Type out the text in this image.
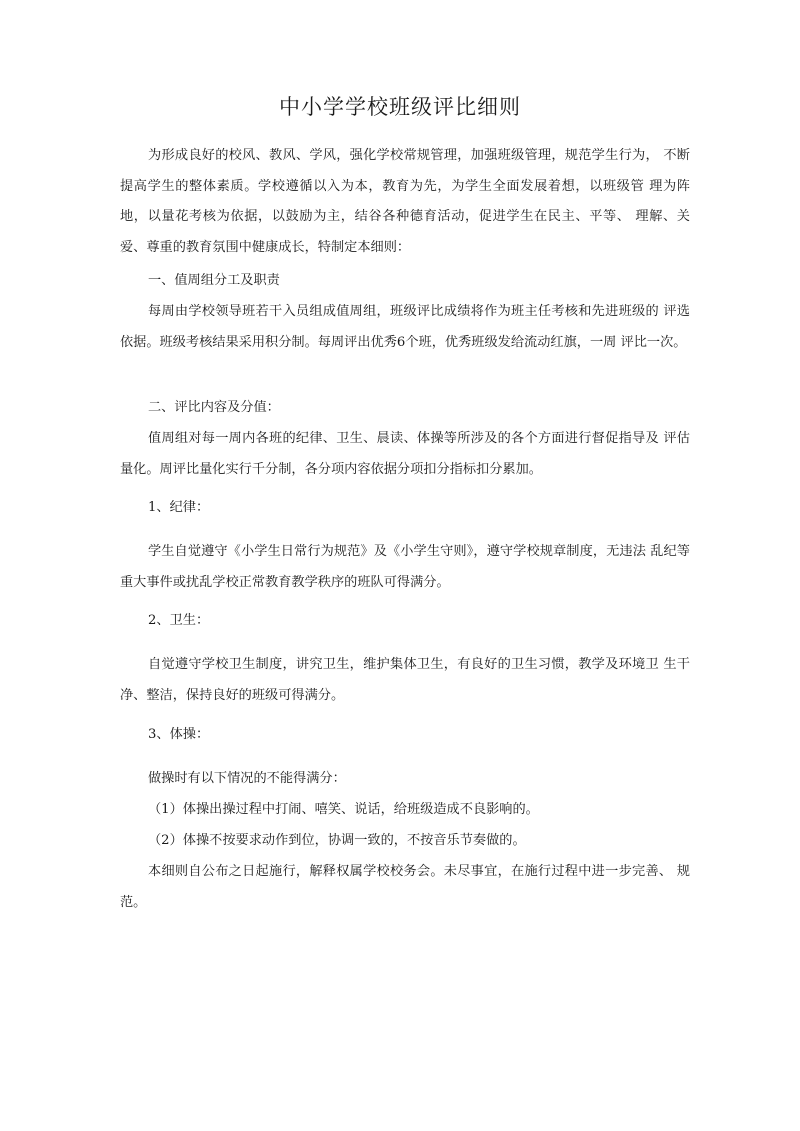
中小学学校班级评比细则

为形成良好的校风、教风、学风，强化学校常规管理，加强班级管理，规范学生行为， 不断提高学生的整体素质。学校遵循以入为本，教育为先，为学生全面发展着想，以班级管 理为阵地，以量花考核为依据，以鼓励为主，结谷各种德育活动，促进学生在民主、平等、 理解、关爱、尊重的教育氛围中健康成长，特制定本细则：

一、值周组分工及职责

每周由学校领导班若干入员组成值周组，班级评比成绩将作为班主任考核和先进班级的 评选依据。班级考核结果采用积分制。每周评出优秀6个班，优秀班级发给流动红旗，一周 评比一次。

二、评比内容及分值：

值周组对每一周内各班的纪律、卫生、晨读、体操等所涉及的各个方面进行督促指导及 评估量化。周评比量化实行千分制，各分项内容依据分项扣分指标扣分累加。

1、纪律：

学生自觉遵守《小学生日常行为规范》及《小学生守则》，遵守学校规章制度，无违法 乱纪等重大事件或扰乱学校正常教育教学秩序的班队可得满分。

2、卫生：

自觉遵守学校卫生制度，讲究卫生，维护集体卫生，有良好的卫生习惯，教学及环境卫 生干净、整洁，保持良好的班级可得满分。

3、体操：

做操时有以下情况的不能得满分：

（1）体操出操过程中打闹、嘻笑、说话，给班级造成不良影响的。

（2）体操不按要求动作到位，协调一致的，不按音乐节奏做的。

本细则自公布之日起施行，解释权属学校校务会。未尽事宜，在施行过程中进一步完善、 规范。
